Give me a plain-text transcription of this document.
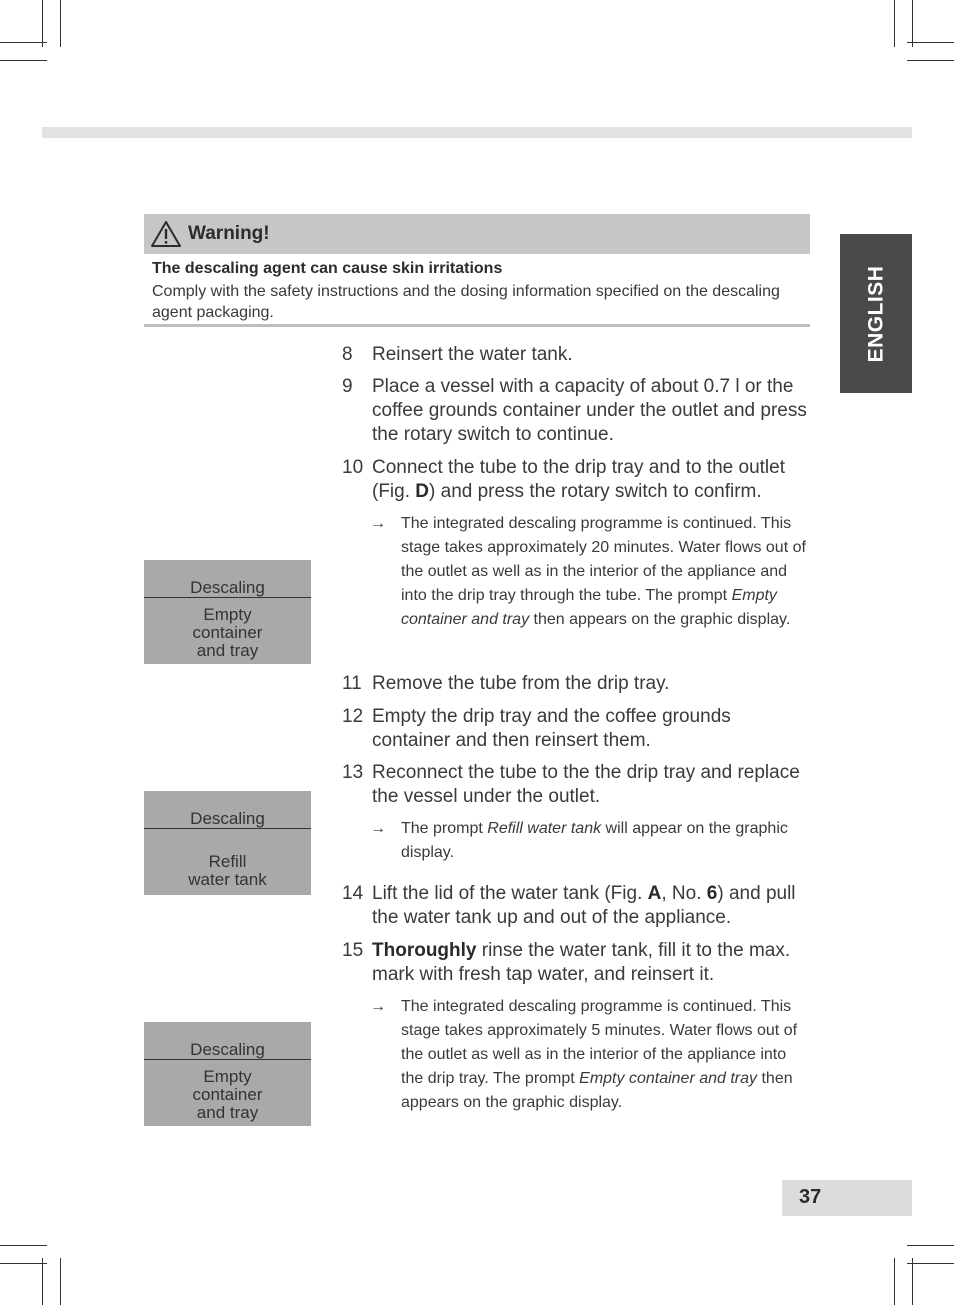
ENGLISH
Warning!
The descaling agent can cause skin irritations
Comply with the safety instructions and the dosing information specified on the descaling agent packaging.
Descaling
Empty
container
and tray
Descaling
Refill
water tank
Descaling
Empty
container
and tray
8 Reinsert the water tank.
9 Place a vessel with a capacity of about 0.7 l or the coffee grounds container under the outlet and press the rotary switch to continue.
10 Connect the tube to the drip tray and to the outlet (Fig. D) and press the rotary switch to confirm.
→ The integrated descaling programme is continued. This stage takes approximately 20 minutes. Water flows out of the outlet as well as in the interior of the appliance and into the drip tray through the tube. The prompt Empty container and tray then appears on the graphic display.
11 Remove the tube from the drip tray.
12 Empty the drip tray and the coffee grounds container and then reinsert them.
13 Reconnect the tube to the the drip tray and replace the vessel under the outlet.
→ The prompt Refill water tank will appear on the graphic display.
14 Lift the lid of the water tank (Fig. A, No. 6) and pull the water tank up and out of the appliance.
15 Thoroughly rinse the water tank, fill it to the max. mark with fresh tap water, and reinsert it.
→ The integrated descaling programme is continued. This stage takes approximately 5 minutes. Water flows out of the outlet as well as in the interior of the appliance into the drip tray. The prompt Empty container and tray then appears on the graphic display.
37
